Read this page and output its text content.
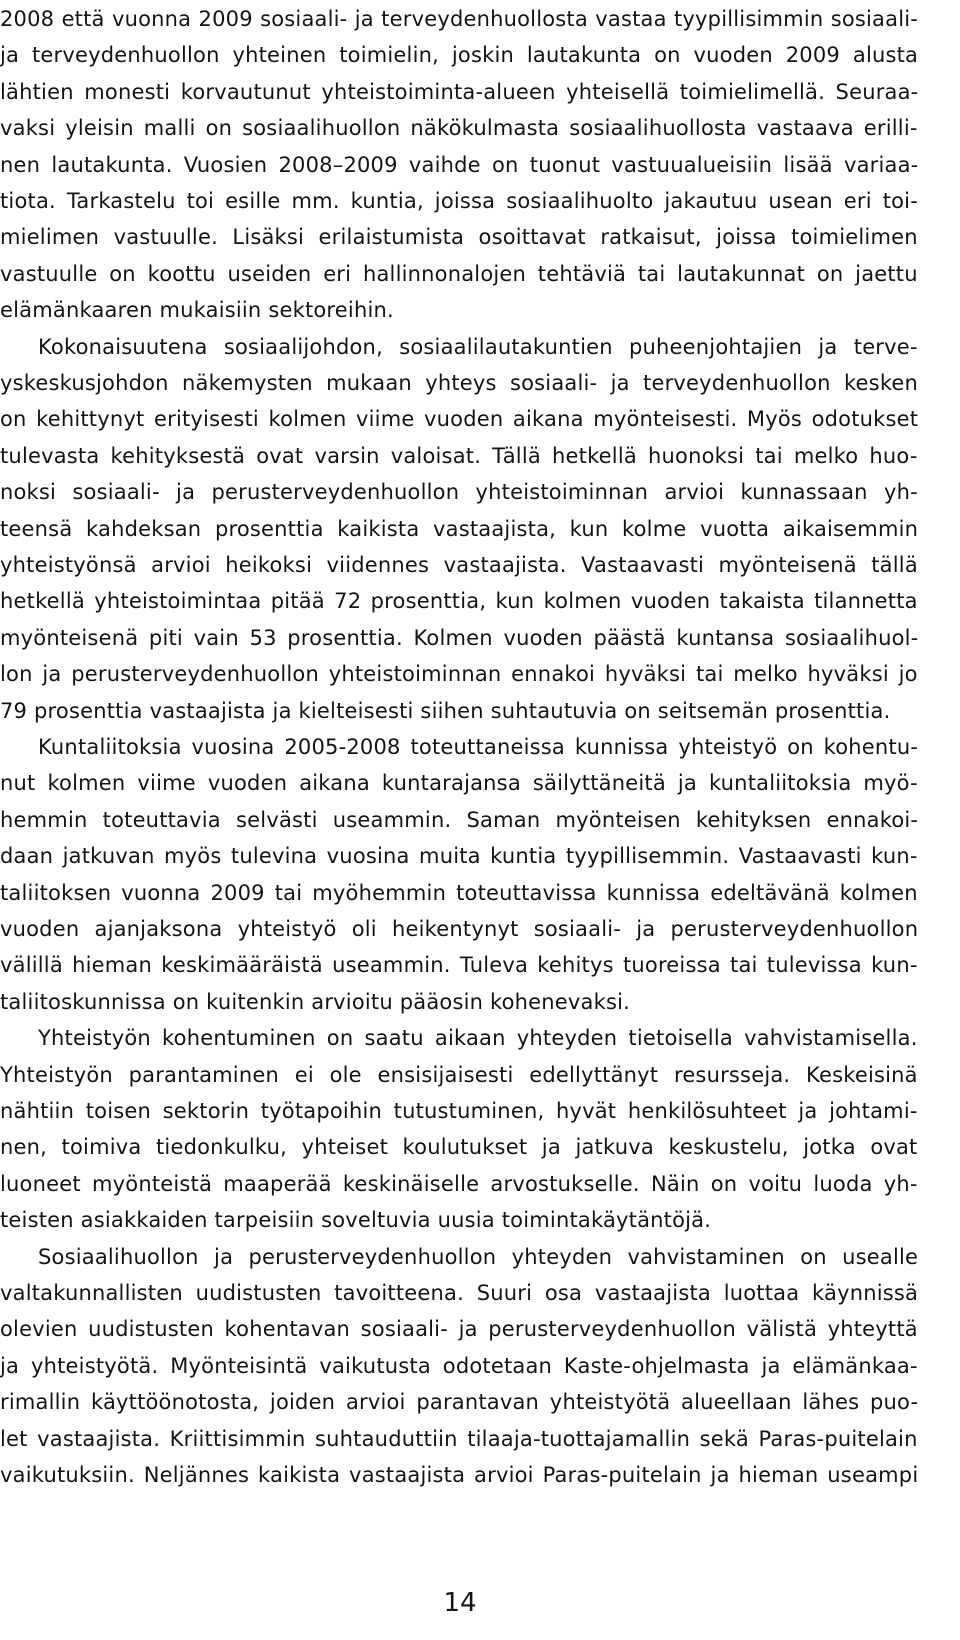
2008 että vuonna 2009 sosiaali- ja terveydenhuollosta vastaa tyypillisimmin sosiaali-
ja terveydenhuollon yhteinen toimielin, joskin lautakunta on vuoden 2009 alusta
lähtien monesti korvautunut yhteistoiminta-alueen yhteisellä toimielimellä. Seuraa-
vaksi yleisin malli on sosiaalihuollon näkökulmasta sosiaalihuollosta vastaava erilli-
nen lautakunta. Vuosien 2008–2009 vaihde on tuonut vastuualueisiin lisää variaa-
tiota. Tarkastelu toi esille mm. kuntia, joissa sosiaalihuolto jakautuu usean eri toi-
mielimen vastuulle. Lisäksi erilaistumista osoittavat ratkaisut, joissa toimielimen
vastuulle on koottu useiden eri hallinnonalojen tehtäviä tai lautakunnat on jaettu
elämänkaaren mukaisiin sektoreihin.
Kokonaisuutena sosiaalijohdon, sosiaalilautakuntien puheenjohtajien ja terve-
yskeskusjohdon näkemysten mukaan yhteys sosiaali- ja terveydenhuollon kesken
on kehittynyt erityisesti kolmen viime vuoden aikana myönteisesti. Myös odotukset
tulevasta kehityksestä ovat varsin valoisat. Tällä hetkellä huonoksi tai melko huo-
noksi sosiaali- ja perusterveydenhuollon yhteistoiminnan arvioi kunnassaan yh-
teensä kahdeksan prosenttia kaikista vastaajista, kun kolme vuotta aikaisemmin
yhteistyönsä arvioi heikoksi viidennes vastaajista. Vastaavasti myönteisenä tällä
hetkellä yhteistoimintaa pitää 72 prosenttia, kun kolmen vuoden takaista tilannetta
myönteisenä piti vain 53 prosenttia. Kolmen vuoden päästä kuntansa sosiaalihuol-
lon ja perusterveydenhuollon yhteistoiminnan ennakoi hyväksi tai melko hyväksi jo
79 prosenttia vastaajista ja kielteisesti siihen suhtautuvia on seitsemän prosenttia.
Kuntaliitoksia vuosina 2005-2008 toteuttaneissa kunnissa yhteistyö on kohentu-
nut kolmen viime vuoden aikana kuntarajansa säilyttäneitä ja kuntaliitoksia myö-
hemmin toteuttavia selvästi useammin. Saman myönteisen kehityksen ennakoi-
daan jatkuvan myös tulevina vuosina muita kuntia tyypillisemmin. Vastaavasti kun-
taliitoksen vuonna 2009 tai myöhemmin toteuttavissa kunnissa edeltävänä kolmen
vuoden ajanjaksona yhteistyö oli heikentynyt sosiaali- ja perusterveydenhuollon
välillä hieman keskimääräistä useammin. Tuleva kehitys tuoreissa tai tulevissa kun-
taliitoskunnissa on kuitenkin arvioitu pääosin kohenevaksi.
Yhteistyön kohentuminen on saatu aikaan yhteyden tietoisella vahvistamisella.
Yhteistyön parantaminen ei ole ensisijaisesti edellyttänyt resursseja. Keskeisinä
nähtiin toisen sektorin työtapoihin tutustuminen, hyvät henkilösuhteet ja johtami-
nen, toimiva tiedonkulku, yhteiset koulutukset ja jatkuva keskustelu, jotka ovat
luoneet myönteistä maaperää keskinäiselle arvostukselle. Näin on voitu luoda yh-
teisten asiakkaiden tarpeisiin soveltuvia uusia toimintakäytäntöjä.
Sosiaalihuollon ja perusterveydenhuollon yhteyden vahvistaminen on usealle
valtakunnallisten uudistusten tavoitteena. Suuri osa vastaajista luottaa käynnissä
olevien uudistusten kohentavan sosiaali- ja perusterveydenhuollon välistä yhteyttä
ja yhteistyötä. Myönteisintä vaikutusta odotetaan Kaste-ohjelmasta ja elämänkaa-
rimallin käyttöönotosta, joiden arvioi parantavan yhteistyötä alueellaan lähes puo-
let vastaajista. Kriittisimmin suhtauduttiin tilaaja-tuottajamallin sekä Paras-puitelain
vaikutuksiin. Neljännes kaikista vastaajista arvioi Paras-puitelain ja hieman useampi
14
